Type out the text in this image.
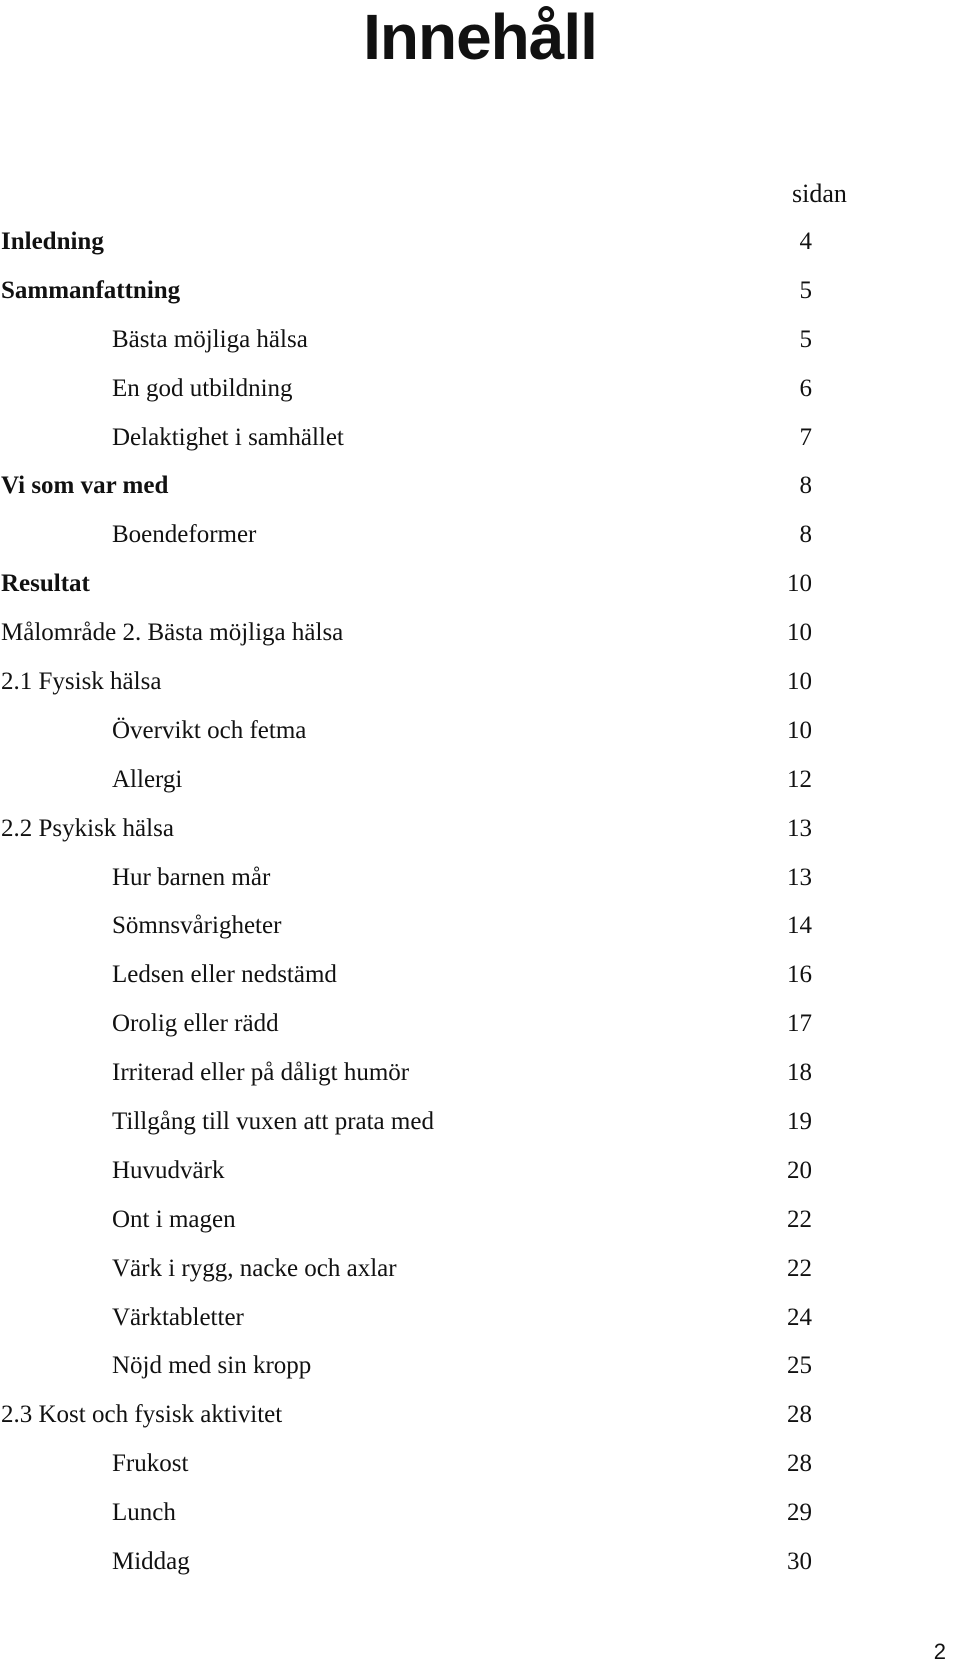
Innehåll
sidan
Inledning	4
Sammanfattning	5
Bästa möjliga hälsa	5
En god utbildning	6
Delaktighet i samhället	7
Vi som var med	8
Boendeformer	8
Resultat	10
Målområde 2. Bästa möjliga hälsa	10
2.1 Fysisk hälsa	10
Övervikt och fetma	10
Allergi	12
2.2 Psykisk hälsa	13
Hur barnen mår	13
Sömnsvårigheter	14
Ledsen eller nedstämd	16
Orolig eller rädd	17
Irriterad eller på dåligt humör	18
Tillgång till vuxen att prata med	19
Huvudvärk	20
Ont i magen	22
Värk i rygg, nacke och axlar	22
Värktabletter	24
Nöjd med sin kropp	25
2.3 Kost och fysisk aktivitet	28
Frukost	28
Lunch	29
Middag	30
2
